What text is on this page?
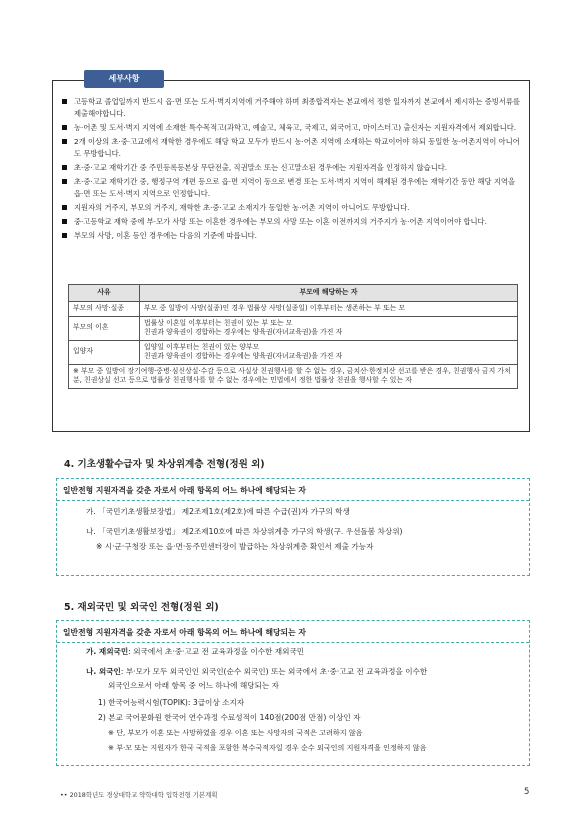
세부사항
고등학교 졸업일까지 반드시 읍·면 또는 도서·벽지지역에 거주해야 하며 최종합격자는 본교에서 정한 일자까지 본교에서 제시하는 증빙서류를 제출해야합니다.
농·어촌 및 도서·벽지 지역에 소재한 특수목적고(과학고, 예술고, 체육고, 국제고, 외국어고, 마이스터고) 출신자는 지원자격에서 제외합니다.
2개 이상의 초·중·고교에서 재학한 경우에도 해당 학교 모두가 반드시 농·어촌 지역에 소재하는 학교이어야 하되 동일한 농·어촌지역이 아니어도 무방합니다.
초·중·고교 재학기간 중 주민등록등본상 무단전출, 직권말소 또는 신고말소된 경우에는 지원자격을 인정하지 않습니다.
초·중·고교 재학기간 중, 행정구역 개편 등으로 읍·면 지역이 동으로 변경 또는 도서·벽지 지역이 해제된 경우에는 재학기간 동안 해당 지역을 읍·면 또는 도서·벽지 지역으로 인정합니다.
지원자의 거주지, 부모의 거주지, 재학한 초·중·고교 소재지가 동일한 농·어촌 지역이 아니어도 무방합니다.
중·고등학교 재학 중에 부·모가 사망 또는 이혼한 경우에는 부모의 사망 또는 이혼 이전까지의 거주지가 농·어촌 지역이어야 합니다.
부모의 사망, 이혼 등인 경우에는 다음의 기준에 따릅니다.
사유	부모에 해당하는 자
부모의 사망·실종	부모 중 일방이 사망(실종)인 경우 법률상 사망(실종일) 이후부터는 생존하는 부 또는 모
부모의 이혼	법률상 이혼일 이후부터는 친권이 있는 부 또는 모
친권과 양육권이 경합하는 경우에는 양육권(자녀교육권)을 가진 자
입양자	입양일 이후부터는 친권이 있는 양부모
친권과 양육권이 경합하는 경우에는 양육권(자녀교육권)을 가진 자
※ 부모 중 일방이 장기여행·중병·심신상실·수감 등으로 사실상 친권행사를 할 수 없는 경우, 금치산·한정치산 선고를 받은 경우, 친권행사 금지 가처분, 친권상실 선고 등으로 법률상 친권행사를 할 수 없는 경우에는 민법에서 정한 법률상 친권을 행사할 수 있는 자	
4. 기초생활수급자 및 차상위계층 전형(정원 외)
일반전형 지원자격을 갖춘 자로서 아래 항목의 어느 하나에 해당되는 자
가. 「국민기초생활보장법」 제2조제1호(제2호)에 따른 수급(권)자 가구의 학생
나. 「국민기초생활보장법」 제2조제10호에 따른 차상위계층 가구의 학생(구. 우선돌봄 차상위)
※ 시·군·구청장 또는 읍·면·동주민센터장이 발급하는 차상위계층 확인서 제출 가능자
5. 재외국민 및 외국인 전형(정원 외)
일반전형 지원자격을 갖춘 자로서 아래 항목의 어느 하나에 해당되는 자
가. 재외국민: 외국에서 초·중·고교 전 교육과정을 이수한 재외국민
나. 외국인: 부·모가 모두 외국인인 외국인(순수 외국인) 또는 외국에서 초·중·고교 전 교육과정을 이수한
외국인으로서 아래 항목 중 어느 하나에 해당되는 자
1) 한국어능력시험(TOPIK): 3급이상 소지자
2) 본교 국어문화원 한국어 연수과정 수료성적이 140점(200점 만점) 이상인 자
※ 단, 부모가 이혼 또는 사망하였을 경우 이혼 또는 사망자의 국적은 고려하지 않음
※ 부·모 또는 지원자가 한국 국적을 포함한 복수국적자일 경우 순수 외국인의 지원자격을 인정하지 않음
•• 2018학년도 경상대학교 약학대학 입학전형 기본계획	5
